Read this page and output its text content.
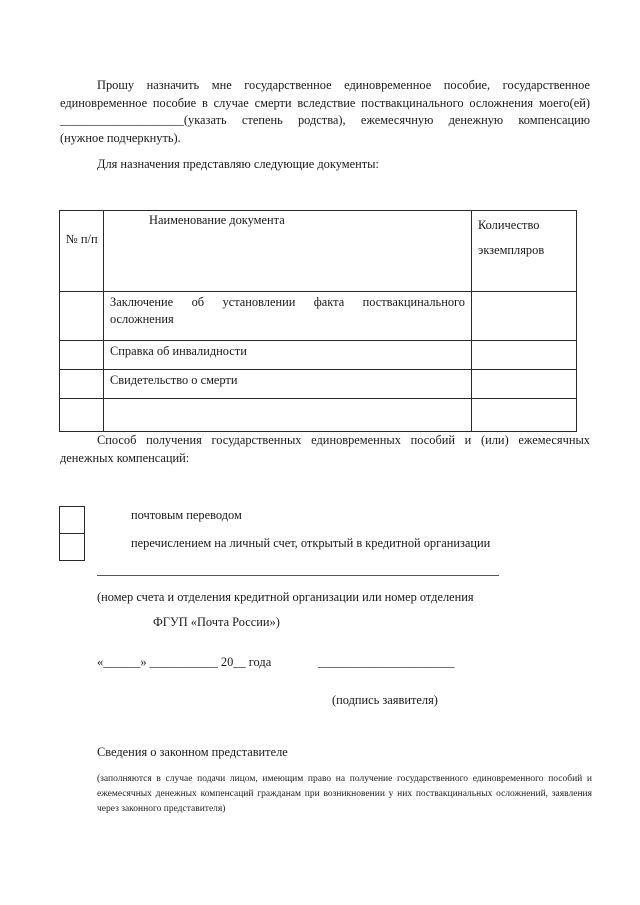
Прошу назначить мне государственное единовременное пособие, государственное
единовременное пособие в случае смерти вследствие поствакцинального осложнения моего(ей)
____________________(указать степень родства), ежемесячную денежную компенсацию
(нужное подчеркнуть).

Для назначения представляю следующие документы:

№ п/п	Наименование документа	Количество
экземпляров

	Заключение об установлении факта поствакцинального
осложнения	

	Справка об инвалидности	
	Свидетельство о смерти	

Способ получения государственных единовременных пособий и (или) ежемесячных
денежных компенсаций:

почтовым переводом
перечислением на личный счет, открытый в кредитной организации
(номер счета и отделения кредитной организации или номер отделения
ФГУП «Почта России»)
«______» ___________ 20__ года	______________________
(подпись заявителя)
Сведения о законном представителе

(заполняются в случае подачи лицом, имеющим право на получение государственного единовременного пособий и ежемесячных денежных компенсаций гражданам при возникновении у них поствакцинальных осложнений, заявления через законного представителя)
